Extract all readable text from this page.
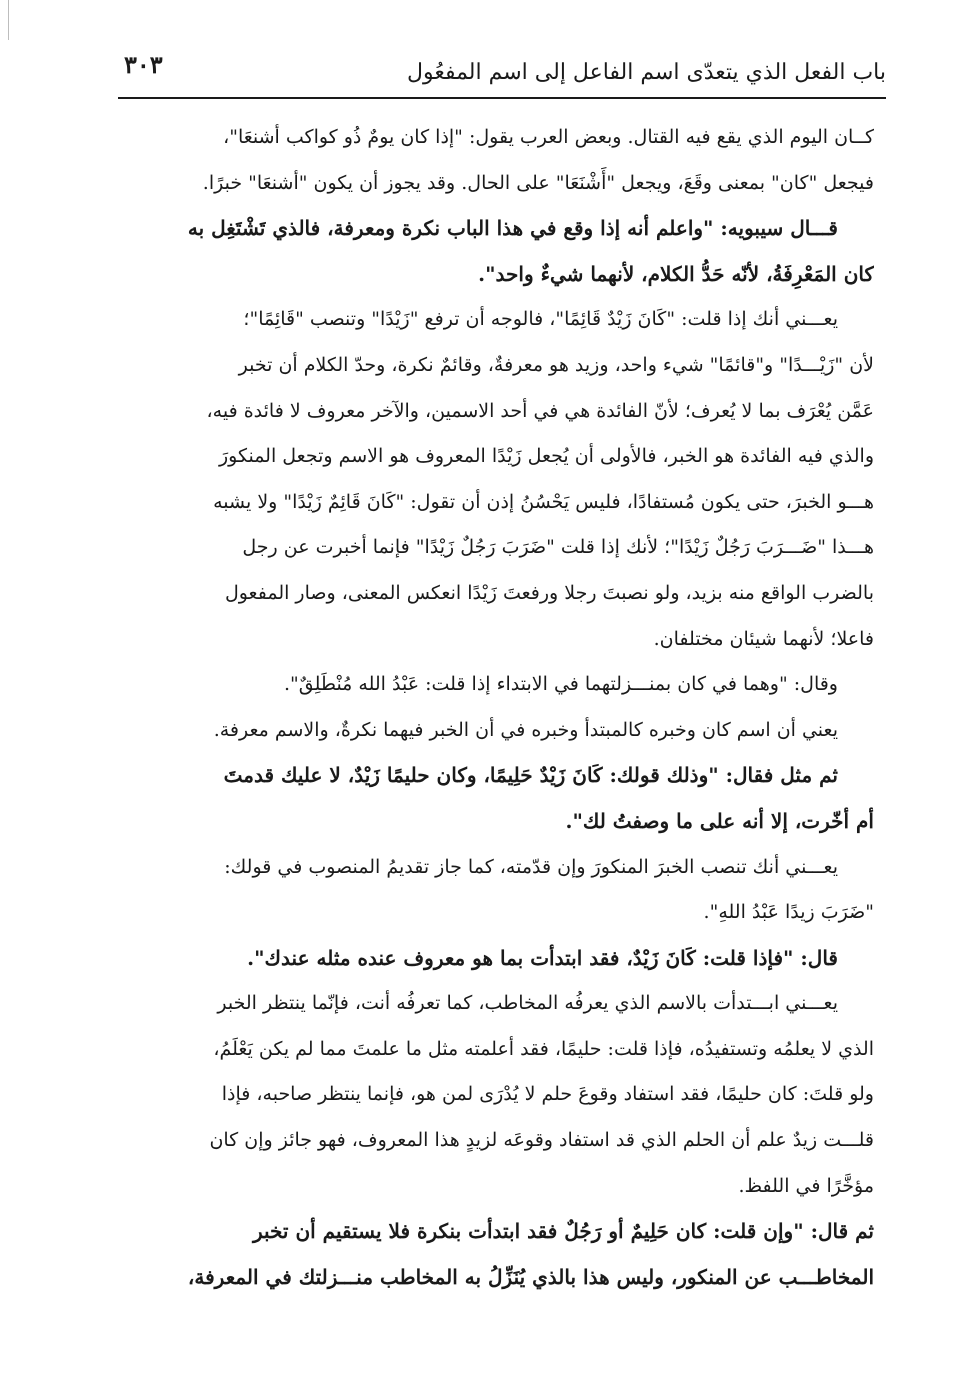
باب الفعل الذي يتعدّى اسم الفاعل إلى اسم المفعُول
٣٠٣
كــان اليوم الذي يقع فيه القتال. وبعض العرب يقول: "إذا كان يومٌ ذُو كواكب أشنعَا"،
فيجعل "كان" بمعنى وقَعَ، ويجعل "أَشْنَعَا" على الحال. وقد يجوز أن يكون "أشنعَا" خبرًا.
قـــال سيبويه: "واعلم أنه إذا وقع في هذا الباب نكرة ومعرفة، فالذي تَشْتَغِل به
كان المَعْرِفَةُ، لأنّه حَدُّ الكلام، لأنهما شيءٌ واحد".
يعـــني أنك إذا قلت: "كَانَ زَيْدٌ قَائِمًا"، فالوجه أن ترفع "زَيْدًا" وتنصب "قَائِمًا"؛
لأن "زَيْـــدًا" و"قائمًا" شيء واحد، وزيد هو معرفةٌ، وقائمٌ نكرة، وحدّ الكلام أن تخبر
عَمَّن يُعْرَف بما لا يُعرف؛ لأنّ الفائدة هي في أحد الاسمين، والآخر معروف لا فائدة فيه،
والذي فيه الفائدة هو الخبر، فالأولى أن يُجعل زَيْدًا المعروف هو الاسم وتجعل المنكورَ
هـــو الخبرَ، حتى يكون مُستفادًا، فليس يَحْسُنُ إذن أن تقول: "كَانَ قَائِمٌ زَيْدًا" ولا يشبه
هـــذا "ضَـــرَبَ رَجُلٌ زَيْدًا"؛ لأنك إذا قلت "ضَرَبَ رَجُلٌ زَيْدًا" فإنما أخبرت عن رجل
بالضرب الواقع منه بزيد، ولو نصبتَ رجلا ورفعتَ زَيْدًا انعكس المعنى، وصار المفعول
فاعلا؛ لأنهما شيئان مختلفان.
وقال: "وهما في كان بمنـــزلتهما في الابتداء إذا قلت: عَبْدُ الله مُنْطَلِقٌ".
يعني أن اسم كان وخبره كالمبتدأ وخبره في أن الخبر فيهما نكرةٌ، والاسم معرفة.
ثم مثل فقال: "وذلك قولك: كَانَ زَيْدٌ حَلِيمًا، وكان حليمًا زَيْدٌ، لا عليك قدمتَ
أم أخّرت، إلا أنه على ما وصفتُ لك".
يعـــني أنك تنصب الخبرَ المنكورَ وإن قدّمته، كما جاز تقديمُ المنصوب في قولك:
"ضَرَبَ زيدًا عَبْدُ اللهِ".
قال: "فإذا قلت: كَانَ زَيْدٌ، فقد ابتدأت بما هو معروف عنده مثله عندك".
يعـــني ابـــتدأت بالاسم الذي يعرفُه المخاطب، كما تعرفُه أنت، فإنّما ينتظر الخبر
الذي لا يعلمُه وتستفيدُه، فإذا قلت: حليمًا، فقد أعلمته مثل ما علمتَ مما لم يكن يَعْلَمُ،
ولو قلتَ: كان حليمًا، فقد استفاد وقوعَ حلم لا يُدْرَى لمن هو، فإنما ينتظر صاحبه، فإذا
قلـــت زيدٌ علم أن الحلم الذي قد استفاد وقوعَه لزيدٍ هذا المعروف، فهو جائز وإن كان
مؤخَّرًا في اللفظ.
ثم قال: "وإن قلت: كان حَلِيمٌ أو رَجُلٌ فقد ابتدأت بنكرة فلا يستقيم أن تخبر
المخاطـــب عن المنكور، وليس هذا بالذي يُنَزِّلُ به المخاطب منـــزلتك في المعرفة،
